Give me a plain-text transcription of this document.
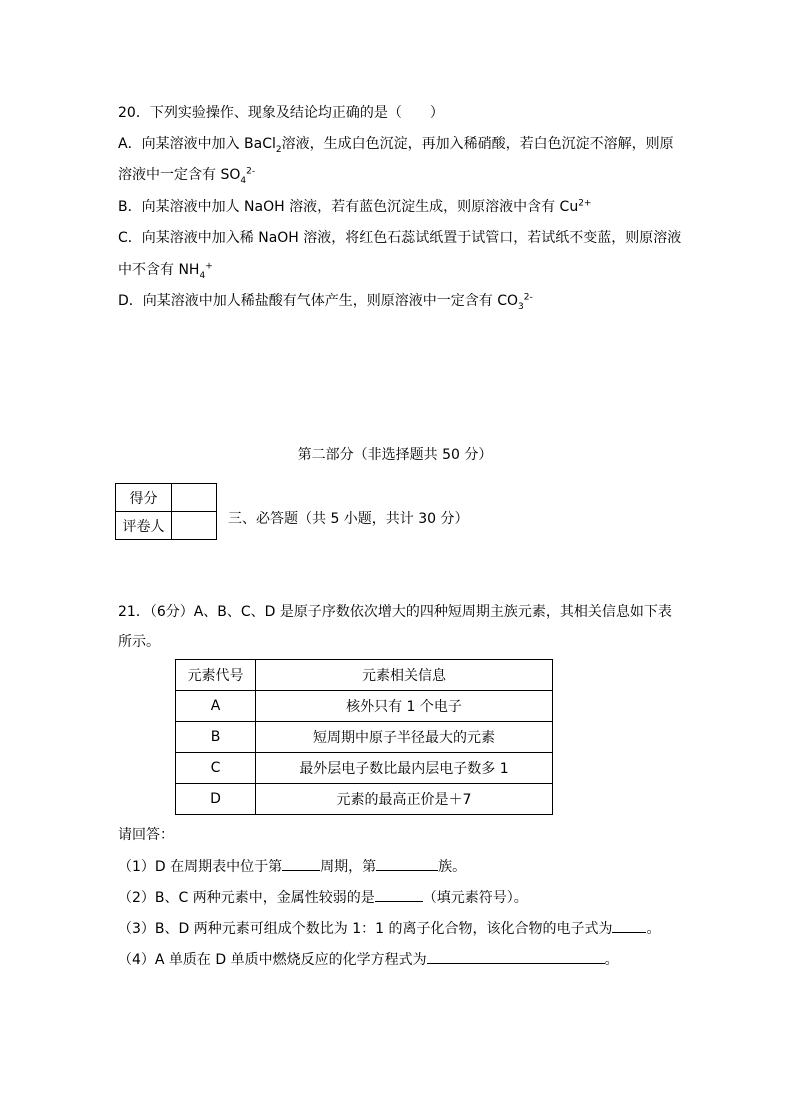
20．下列实验操作、现象及结论均正确的是（　　）
A．向某溶液中加入 BaCl$_2$溶液，生成白色沉淀，再加入稀硝酸，若白色沉淀不溶解，则原
溶液中一定含有 $SO_4^{2-}$
B．向某溶液中加人 NaOH 溶液，若有蓝色沉淀生成，则原溶液中含有 $Cu^{2+}$
C．向某溶液中加入稀 NaOH 溶液，将红色石蕊试纸置于试管口，若试纸不变蓝，则原溶液
中不含有 $NH_4^+$
D．向某溶液中加人稀盐酸有气体产生，则原溶液中一定含有 $CO_3^{2-}$
第二部分（非选择题共 50 分）
得分	
评卷人		三、必答题（共 5 小题，共计 30 分）
21．（6分）A、B、C、D 是原子序数依次增大的四种短周期主族元素，其相关信息如下表
所示。
元素代号	元素相关信息
A	核外只有 1 个电子
B	短周期中原子半径最大的元素
C	最外层电子数比最内层电子数多 1
D	元素的最高正价是＋7
请回答：
（1）D 在周期表中位于第	周期，第	族。
（2）B、C 两种元素中，金属性较弱的是	（填元素符号）。
（3）B、D 两种元素可组成个数比为 1：1 的离子化合物，该化合物的电子式为 。
（4）A 单质在 D 单质中燃烧反应的化学方程式为	。
